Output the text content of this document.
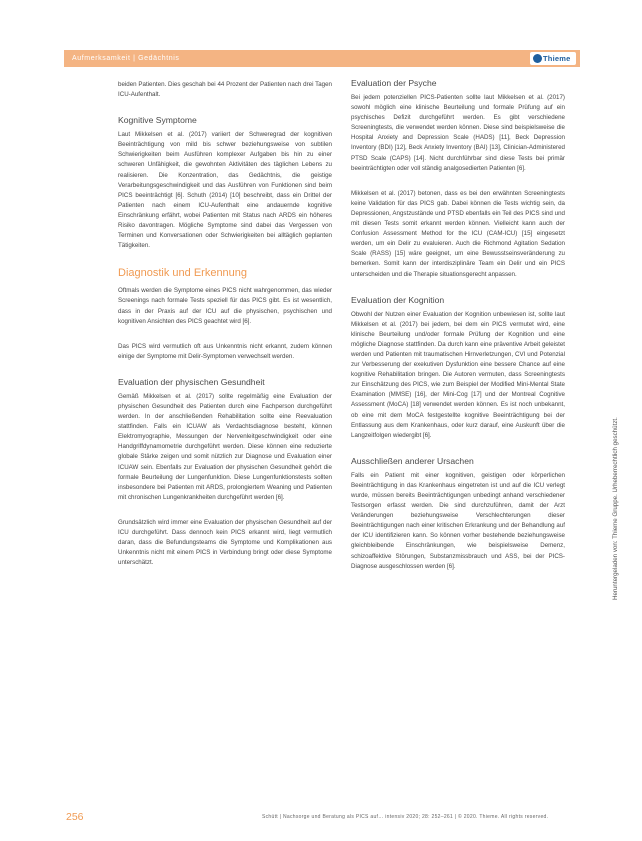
Aufmerksamkeit | Gedächtnis	Thieme

beiden Patienten. Dies geschah bei 44 Prozent der Patienten nach drei Tagen ICU-Aufenthalt.

Kognitive Symptome

Laut Mikkelsen et al. (2017) variiert der Schweregrad der kognitiven Beeinträchtigung von mild bis schwer beziehungsweise von subtilen Schwierigkeiten beim Ausführen komplexer Aufgaben bis hin zu einer schweren Unfähigkeit, die gewohnten Aktivitäten des täglichen Lebens zu realisieren. Die Konzentration, das Gedächtnis, die geistige Verarbeitungsgeschwindigkeit und das Ausführen von Funktionen sind beim PICS beeinträchtigt [6]. Schuth (2014) [10] beschreibt, dass ein Drittel der Patienten nach einem ICU-Aufenthalt eine andauernde kognitive Einschränkung erfährt, wobei Patienten mit Status nach ARDS ein höheres Risiko davontragen. Mögliche Symptome sind dabei das Vergessen von Terminen und Konversationen oder Schwierigkeiten bei alltäglich geplanten Tätigkeiten.

Diagnostik und Erkennung

Oftmals werden die Symptome eines PICS nicht wahrgenommen, das wieder Screenings nach formale Tests speziell für das PICS gibt. Es ist wesentlich, dass in der Praxis auf der ICU auf die physischen, psychischen und kognitiven Ansichten des PICS geachtet wird [6].

Das PICS wird vermutlich oft aus Unkenntnis nicht erkannt, zudem können einige der Symptome mit Delir-Symptomen verwechselt werden.

Evaluation der physischen Gesundheit

Gemäß Mikkelsen et al. (2017) sollte regelmäßig eine Evaluation der physischen Gesundheit des Patienten durch eine Fachperson durchgeführt werden. In der anschließenden Rehabilitation sollte eine Reevaluation stattfinden. Falls ein ICUAW als Verdachtsdiagnose besteht, können Elektromyographie, Messungen der Nervenleitgeschwindigkeit oder eine Handgriffdynamometrie durchgeführt werden. Diese können eine reduzierte globale Stärke zeigen und somit nützlich zur Diagnose und Evaluation einer ICUAW sein. Ebenfalls zur Evaluation der physischen Gesundheit gehört die formale Beurteilung der Lungenfunktion. Diese Lungenfunktionstests sollten insbesondere bei Patienten mit ARDS, prolongiertem Weaning und Patienten mit chronischen Lungenkrankheiten durchgeführt werden [6].

Grundsätzlich wird immer eine Evaluation der physischen Gesundheit auf der ICU durchgeführt. Dass dennoch kein PICS erkannt wird, liegt vermutlich daran, dass die Befundungsteams die Symptome und Komplikationen aus Unkenntnis nicht mit einem PICS in Verbindung bringt oder diese Symptome unterschätzt.

Evaluation der Psyche

Bei jedem potenziellen PICS-Patienten sollte laut Mikkelsen et al. (2017) sowohl möglich eine klinische Beurteilung und formale Prüfung auf ein psychisches Defizit durchgeführt werden. Es gibt verschiedene Screeningtests, die verwendet werden können. Diese sind beispielsweise die Hospital Anxiety and Depression Scale (HADS) [11], Beck Depression Inventory (BDI) [12], Beck Anxiety Inventory (BAI) [13], Clinician-Administered PTSD Scale (CAPS) [14]. Nicht durchführbar sind diese Tests bei primär beeinträchtigten oder voll ständig analgosedierten Patienten [6].

Mikkelsen et al. (2017) betonen, dass es bei den erwähnten Screeningtests keine Validation für das PICS gab. Dabei können die Tests wichtig sein, da Depressionen, Angstzustände und PTSD ebenfalls ein Teil des PICS sind und mit diesen Tests somit erkannt werden können. Vielleicht kann auch der Confusion Assessment Method for the ICU (CAM-ICU) [15] eingesetzt werden, um ein Delir zu evaluieren. Auch die Richmond Agitation Sedation Scale (RASS) [15] wäre geeignet, um eine Bewusstseinsveränderung zu bemerken. Somit kann der interdisziplinäre Team ein Delir und ein PICS unterscheiden und die Therapie situationsgerecht anpassen.

Evaluation der Kognition

Obwohl der Nutzen einer Evaluation der Kognition unbewiesen ist, sollte laut Mikkelsen et al. (2017) bei jedem, bei dem ein PICS vermutet wird, eine klinische Beurteilung und/oder formale Prüfung der Kognition und eine mögliche Diagnose stattfinden. Da durch kann eine präventive Arbeit geleistet werden und Patienten mit traumatischen Hirnverletzungen, CVI und Potenzial zur Verbesserung der exekutiven Dysfunktion eine bessere Chance auf eine kognitive Rehabilitation bringen. Die Autoren vermuten, dass Screeningtests zur Einschätzung des PICS, wie zum Beispiel der Modified Mini-Mental State Examination (MMSE) [16], der Mini-Cog [17] und der Montreal Cognitive Assessment (MoCA) [18] verwendet werden können. Es ist noch unbekannt, ob eine mit dem MoCA festgestellte kognitive Beeinträchtigung bei der Entlassung aus dem Krankenhaus, oder kurz darauf, eine Auskunft über die Langzeitfolgen wiedergibt [6].

Ausschließen anderer Ursachen

Falls ein Patient mit einer kognitiven, geistigen oder körperlichen Beeinträchtigung in das Krankenhaus eingetreten ist und auf die ICU verlegt wurde, müssen bereits Beeinträchtigungen unbedingt anhand verschiedener Testsorgen erfasst werden. Die sind durchzuführen, damit der Arzt Veränderungen beziehungsweise Verschlechterungen dieser Beeinträchtigungen nach einer kritischen Erkrankung und der Behandlung auf der ICU identifizieren kann. So können vorher bestehende beziehungsweise gleichbleibende Einschränkungen, wie beispielsweise Demenz, schizoaffektive Störungen, Substanzmissbrauch und ASS, bei der PICS-Diagnose ausgeschlossen werden [6].	Heruntergeladen von: Thieme Gruppe. Urheberrechtlich geschützt.
256	Schütt | Nachsorge und Beratung als PICS auf… intensiv 2020; 28: 252–261 | © 2020. Thieme. All rights reserved.
